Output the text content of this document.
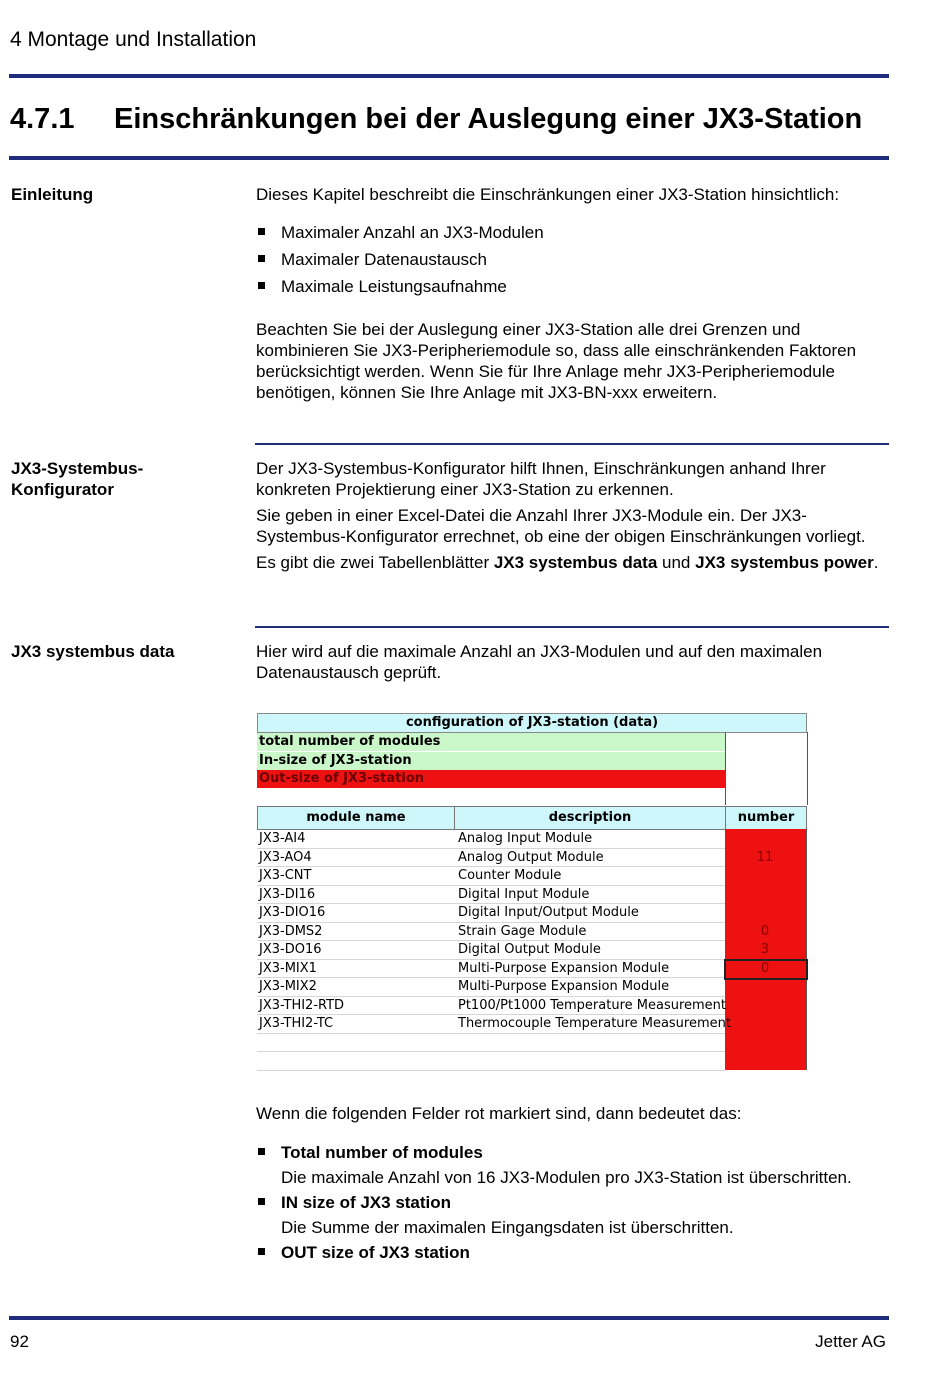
4 Montage und Installation
4.7.1 Einschränkungen bei der Auslegung einer JX3-Station
Einleitung	Dieses Kapitel beschreibt die Einschränkungen einer JX3-Station hinsichtlich:

Maximaler Anzahl an JX3-Modulen
Maximaler Datenaustausch
Maximale Leistungsaufnahme

Beachten Sie bei der Auslegung einer JX3-Station alle drei Grenzen und kombinieren Sie JX3-Peripheriemodule so, dass alle einschränkenden Faktoren berücksichtigt werden. Wenn Sie für Ihre Anlage mehr JX3-Peripheriemodule benötigen, können Sie Ihre Anlage mit JX3-BN-xxx erweitern.

JX3-Systembus-Konfigurator

Der JX3-Systembus-Konfigurator hilft Ihnen, Einschränkungen anhand Ihrer konkreten Projektierung einer JX3-Station zu erkennen.

Sie geben in einer Excel-Datei die Anzahl Ihrer JX3-Module ein. Der JX3-Systembus-Konfigurator errechnet, ob eine der obigen Einschränkungen vorliegt.

Es gibt die zwei Tabellenblätter JX3 systembus data und JX3 systembus power.

JX3 systembus data	Hier wird auf die maximale Anzahl an JX3-Modulen und auf den maximalen Datenaustausch geprüft.

configuration of JX3-station (data)
total number of modules
In-size of JX3-station
Out-size of JX3-station
module name	description	number
JX3-AI4	Analog Input Module
JX3-AO4	Analog Output Module	11
JX3-CNT	Counter Module
JX3-DI16	Digital Input Module
JX3-DIO16	Digital Input/Output Module
JX3-DMS2	Strain Gage Module	0
JX3-DO16	Digital Output Module	3
JX3-MIX1	Multi-Purpose Expansion Module	0
JX3-MIX2	Multi-Purpose Expansion Module
JX3-THI2-RTD	Pt100/Pt1000 Temperature Measurement
JX3-THI2-TC	Thermocouple Temperature Measurement

Wenn die folgenden Felder rot markiert sind, dann bedeutet das:

Total number of modules
Die maximale Anzahl von 16 JX3-Modulen pro JX3-Station ist überschritten.
IN size of JX3 station
Die Summe der maximalen Eingangsdaten ist überschritten.
OUT size of JX3 station
92	Jetter AG
